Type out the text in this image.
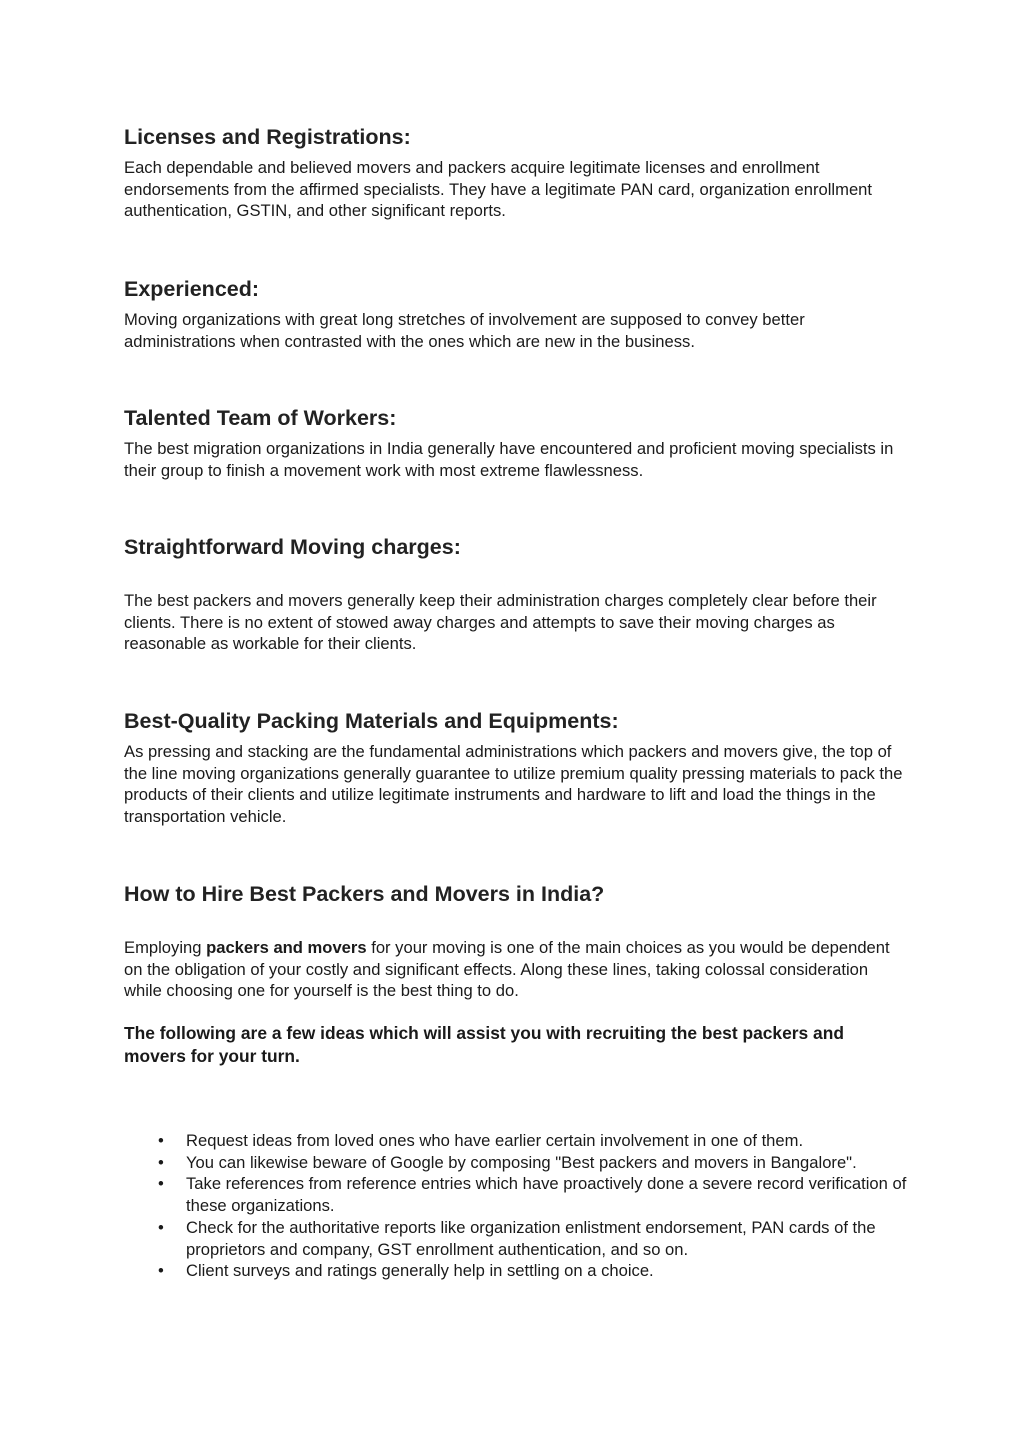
Licenses and Registrations:

Each dependable and believed movers and packers acquire legitimate licenses and enrollment endorsements from the affirmed specialists. They have a legitimate PAN card, organization enrollment authentication, GSTIN, and other significant reports.

Experienced:

Moving organizations with great long stretches of involvement are supposed to convey better administrations when contrasted with the ones which are new in the business.

Talented Team of Workers:

The best migration organizations in India generally have encountered and proficient moving specialists in their group to finish a movement work with most extreme flawlessness.

Straightforward Moving charges:

The best packers and movers generally keep their administration charges completely clear before their clients. There is no extent of stowed away charges and attempts to save their moving charges as reasonable as workable for their clients.

Best-Quality Packing Materials and Equipments:

As pressing and stacking are the fundamental administrations which packers and movers give, the top of the line moving organizations generally guarantee to utilize premium quality pressing materials to pack the products of their clients and utilize legitimate instruments and hardware to lift and load the things in the transportation vehicle.

How to Hire Best Packers and Movers in India?

Employing packers and movers for your moving is one of the main choices as you would be dependent on the obligation of your costly and significant effects. Along these lines, taking colossal consideration while choosing one for yourself is the best thing to do.

The following are a few ideas which will assist you with recruiting the best packers and movers for your turn.

• Request ideas from loved ones who have earlier certain involvement in one of them.
• You can likewise beware of Google by composing "Best packers and movers in Bangalore".
• Take references from reference entries which have proactively done a severe record verification of these organizations.
• Check for the authoritative reports like organization enlistment endorsement, PAN cards of the proprietors and company, GST enrollment authentication, and so on.
• Client surveys and ratings generally help in settling on a choice.
